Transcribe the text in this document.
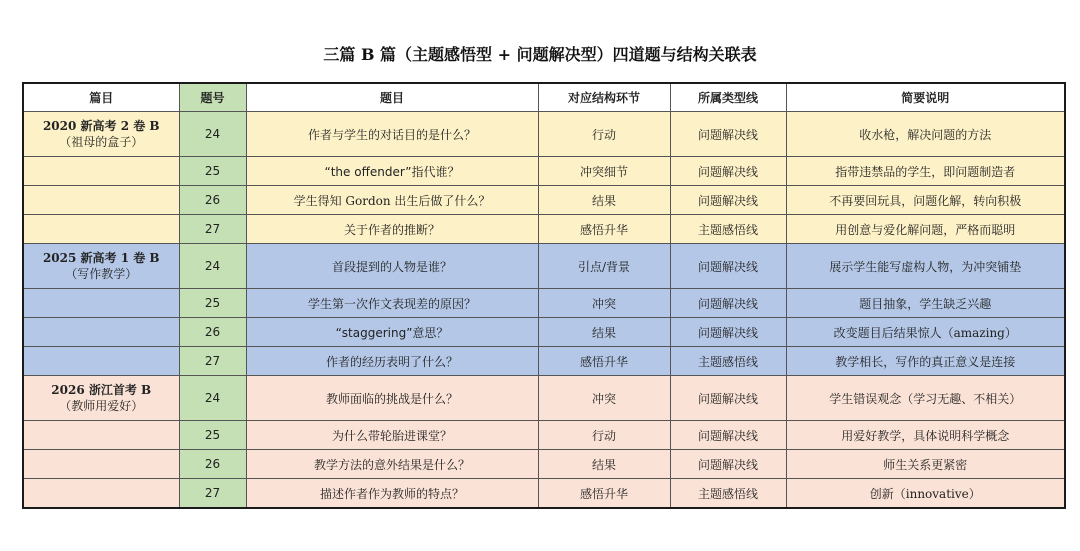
三篇 B 篇（主题感悟型 + 问题解决型）四道题与结构关联表
篇目	题号	题目	对应结构环节	所属类型线	简要说明

2020 新高考 2 卷 B
（祖母的盒子）	24	作者与学生的对话目的是什么？	行动	问题解决线	收水枪，解决问题的方法
	25	“the offender”指代谁？	冲突细节	问题解决线	指带违禁品的学生，即问题制造者
	26	学生得知 Gordon 出生后做了什么？	结果	问题解决线	不再要回玩具，问题化解，转向积极
	27	关于作者的推断？	感悟升华	主题感悟线	用创意与爱化解问题，严格而聪明

2025 新高考 1 卷 B
（写作教学）	24	首段提到的人物是谁？	引点/背景	问题解决线	展示学生能写虚构人物，为冲突铺垫
	25	学生第一次作文表现差的原因？	冲突	问题解决线	题目抽象，学生缺乏兴趣
	26	“staggering”意思？	结果	问题解决线	改变题目后结果惊人（amazing）
	27	作者的经历表明了什么？	感悟升华	主题感悟线	教学相长，写作的真正意义是连接

2026 浙江首考 B
（教师用爱好）	24	教师面临的挑战是什么？	冲突	问题解决线	学生错误观念（学习无趣、不相关）
	25	为什么带轮胎进课堂？	行动	问题解决线	用爱好教学，具体说明科学概念
	26	教学方法的意外结果是什么？	结果	问题解决线	师生关系更紧密
	27	描述作者作为教师的特点？	感悟升华	主题感悟线	创新（innovative）
